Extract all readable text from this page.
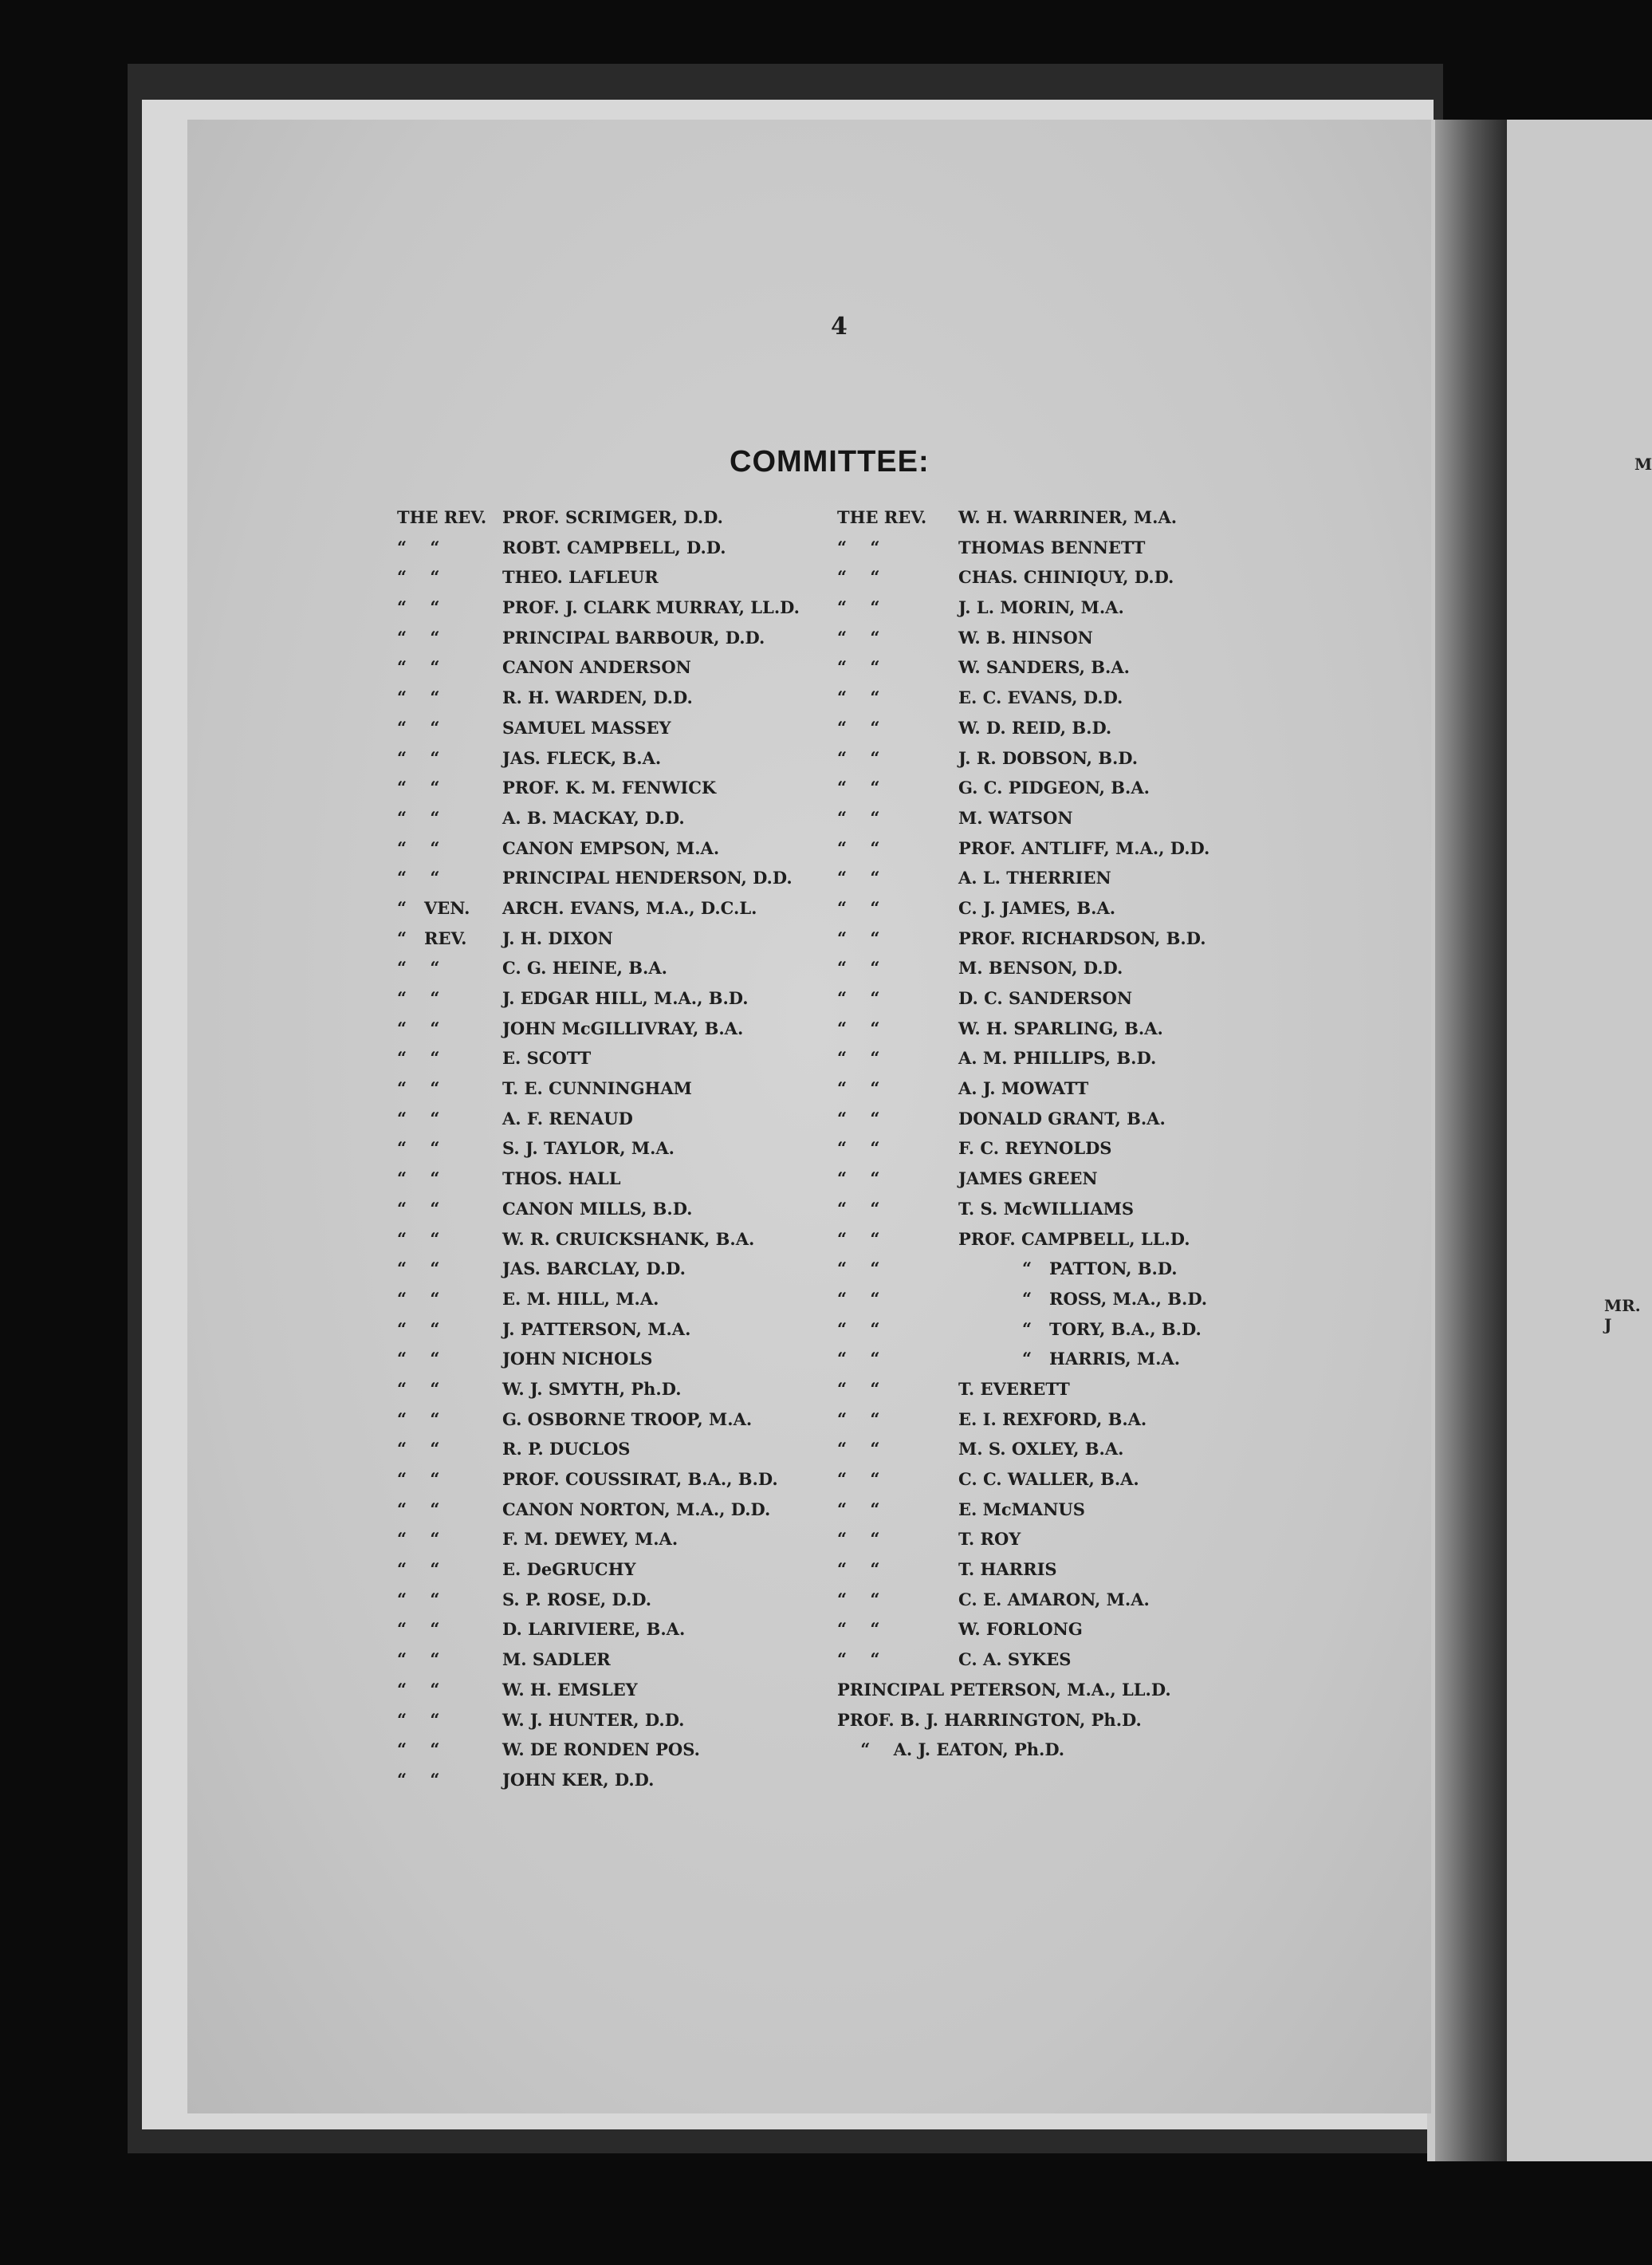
M
MR. J
4
COMMITTEE:
THE REV. PROF. SCRIMGER, D.D.
“    “	ROBT. CAMPBELL, D.D.
“    “	THEO. LAFLEUR
“    “	PROF. J. CLARK MURRAY, LL.D.
“    “	PRINCIPAL BARBOUR, D.D.
“    “	CANON ANDERSON
“    “	R. H. WARDEN, D.D.
“    “	SAMUEL MASSEY
“    “	JAS. FLECK, B.A.
“    “	PROF. K. M. FENWICK
“    “	A. B. MACKAY, D.D.
“    “	CANON EMPSON, M.A.
“    “	PRINCIPAL HENDERSON, D.D.
“   VEN. ARCH. EVANS, M.A., D.C.L.
“   REV. J. H. DIXON
“    “	C. G. HEINE, B.A.
“    “	J. EDGAR HILL, M.A., B.D.
“    “	JOHN McGILLIVRAY, B.A.
“    “	E. SCOTT
“    “	T. E. CUNNINGHAM
“    “	A. F. RENAUD
“    “	S. J. TAYLOR, M.A.
“    “	THOS. HALL
“    “	CANON MILLS, B.D.
“    “	W. R. CRUICKSHANK, B.A.
“    “	JAS. BARCLAY, D.D.
“    “	E. M. HILL, M.A.
“    “	J. PATTERSON, M.A.
“    “	JOHN NICHOLS
“    “	W. J. SMYTH, Ph.D.
“    “	G. OSBORNE TROOP, M.A.
“    “	R. P. DUCLOS
“    “	PROF. COUSSIRAT, B.A., B.D.
“    “	CANON NORTON, M.A., D.D.
“    “	F. M. DEWEY, M.A.
“    “	E. DeGRUCHY
“    “	S. P. ROSE, D.D.
“    “	D. LARIVIERE, B.A.
“    “	M. SADLER
“    “	W. H. EMSLEY
“    “	W. J. HUNTER, D.D.
“    “	W. DE RONDEN POS.
“    “	JOHN KER, D.D.
THE REV. W. H. WARRINER, M.A.
“    “	THOMAS BENNETT
“    “	CHAS. CHINIQUY, D.D.
“    “	J. L. MORIN, M.A.
“    “	W. B. HINSON
“    “	W. SANDERS, B.A.
“    “	E. C. EVANS, D.D.
“    “	W. D. REID, B.D.
“    “	J. R. DOBSON, B.D.
“    “	G. C. PIDGEON, B.A.
“    “	M. WATSON
“    “	PROF. ANTLIFF, M.A., D.D.
“    “	A. L. THERRIEN
“    “	C. J. JAMES, B.A.
“    “	PROF. RICHARDSON, B.D.
“    “	M. BENSON, D.D.
“    “	D. C. SANDERSON
“    “	W. H. SPARLING, B.A.
“    “	A. M. PHILLIPS, B.D.
“    “	A. J. MOWATT
“    “	DONALD GRANT, B.A.
“    “	F. C. REYNOLDS
“    “	JAMES GREEN
“    “	T. S. McWILLIAMS
“    “	PROF. CAMPBELL, LL.D.
“    “	“   PATTON, B.D.
“    “	“   ROSS, M.A., B.D.
“    “	“   TORY, B.A., B.D.
“    “	“   HARRIS, M.A.
“    “	T. EVERETT
“    “	E. I. REXFORD, B.A.
“    “	M. S. OXLEY, B.A.
“    “	C. C. WALLER, B.A.
“    “	E. McMANUS
“    “	T. ROY
“    “	T. HARRIS
“    “	C. E. AMARON, M.A.
“    “	W. FORLONG
“    “	C. A. SYKES
PRINCIPAL PETERSON, M.A., LL.D.
PROF. B. J. HARRINGTON, Ph.D.
“    A. J. EATON, Ph.D.
